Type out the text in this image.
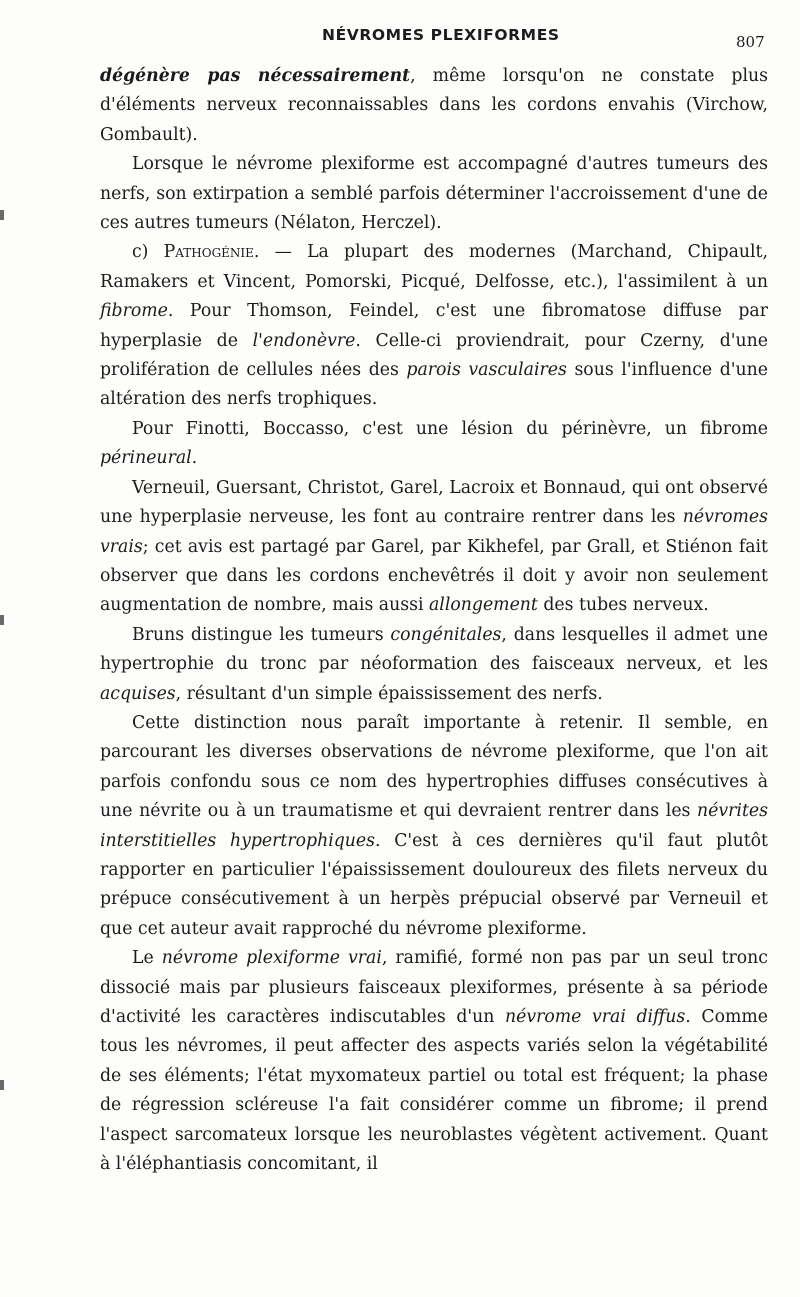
NÉVROMES PLEXIFORMES	807

dégénère pas nécessairement, même lorsqu'on ne constate plus d'éléments nerveux reconnaissables dans les cordons envahis (Virchow, Gombault).

Lorsque le névrome plexiforme est accompagné d'autres tumeurs des nerfs, son extirpation a semblé parfois déterminer l'accroissement d'une de ces autres tumeurs (Nélaton, Herczel).

c) Pathogénie. — La plupart des modernes (Marchand, Chipault, Ramakers et Vincent, Pomorski, Picqué, Delfosse, etc.), l'assimilent à un fibrome. Pour Thomson, Feindel, c'est une fibromatose diffuse par hyperplasie de l'endonèvre. Celle-ci proviendrait, pour Czerny, d'une prolifération de cellules nées des parois vasculaires sous l'influence d'une altération des nerfs trophiques.

Pour Finotti, Boccasso, c'est une lésion du périnèvre, un fibrome périneural.

Verneuil, Guersant, Christot, Garel, Lacroix et Bonnaud, qui ont observé une hyperplasie nerveuse, les font au contraire rentrer dans les névromes vrais; cet avis est partagé par Garel, par Kikhefel, par Grall, et Stiénon fait observer que dans les cordons enchevêtrés il doit y avoir non seulement augmentation de nombre, mais aussi allongement des tubes nerveux.

Bruns distingue les tumeurs congénitales, dans lesquelles il admet une hypertrophie du tronc par néoformation des faisceaux nerveux, et les acquises, résultant d'un simple épaississement des nerfs.

Cette distinction nous paraît importante à retenir. Il semble, en parcourant les diverses observations de névrome plexiforme, que l'on ait parfois confondu sous ce nom des hypertrophies diffuses consécutives à une névrite ou à un traumatisme et qui devraient rentrer dans les névrites interstitielles hypertrophiques. C'est à ces dernières qu'il faut plutôt rapporter en particulier l'épaississement douloureux des filets nerveux du prépuce consécutivement à un herpès prépucial observé par Verneuil et que cet auteur avait rapproché du névrome plexiforme.

Le névrome plexiforme vrai, ramifié, formé non pas par un seul tronc dissocié mais par plusieurs faisceaux plexiformes, présente à sa période d'activité les caractères indiscutables d'un névrome vrai diffus. Comme tous les névromes, il peut affecter des aspects variés selon la végétabilité de ses éléments; l'état myxomateux partiel ou total est fréquent; la phase de régression scléreuse l'a fait considérer comme un fibrome; il prend l'aspect sarcomateux lorsque les neuroblastes végètent activement. Quant à l'éléphantiasis concomitant, il
